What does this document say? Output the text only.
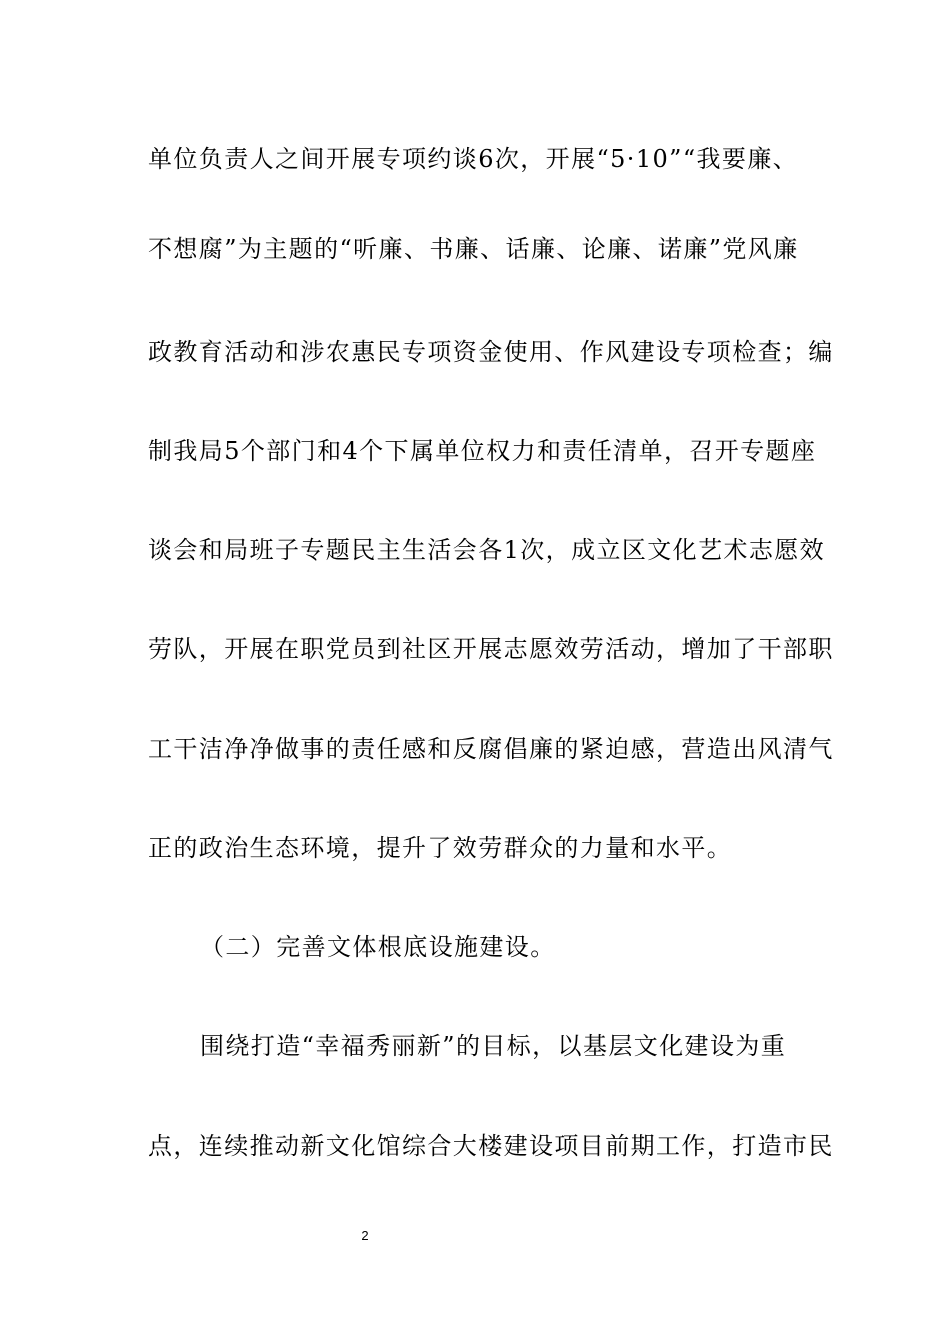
单位负责人之间开展专项约谈6次，开展“5·10”“我要廉、
不想腐”为主题的“听廉、书廉、话廉、论廉、诺廉”党风廉
政教育活动和涉农惠民专项资金使用、作风建设专项检查；编
制我局5个部门和4个下属单位权力和责任清单，召开专题座
谈会和局班子专题民主生活会各1次，成立区文化艺术志愿效
劳队，开展在职党员到社区开展志愿效劳活动，增加了干部职
工干洁净净做事的责任感和反腐倡廉的紧迫感，营造出风清气
正的政治生态环境，提升了效劳群众的力量和水平。
（二）完善文体根底设施建设。
围绕打造“幸福秀丽新”的目标，以基层文化建设为重
点，连续推动新文化馆综合大楼建设项目前期工作，打造市民
2
